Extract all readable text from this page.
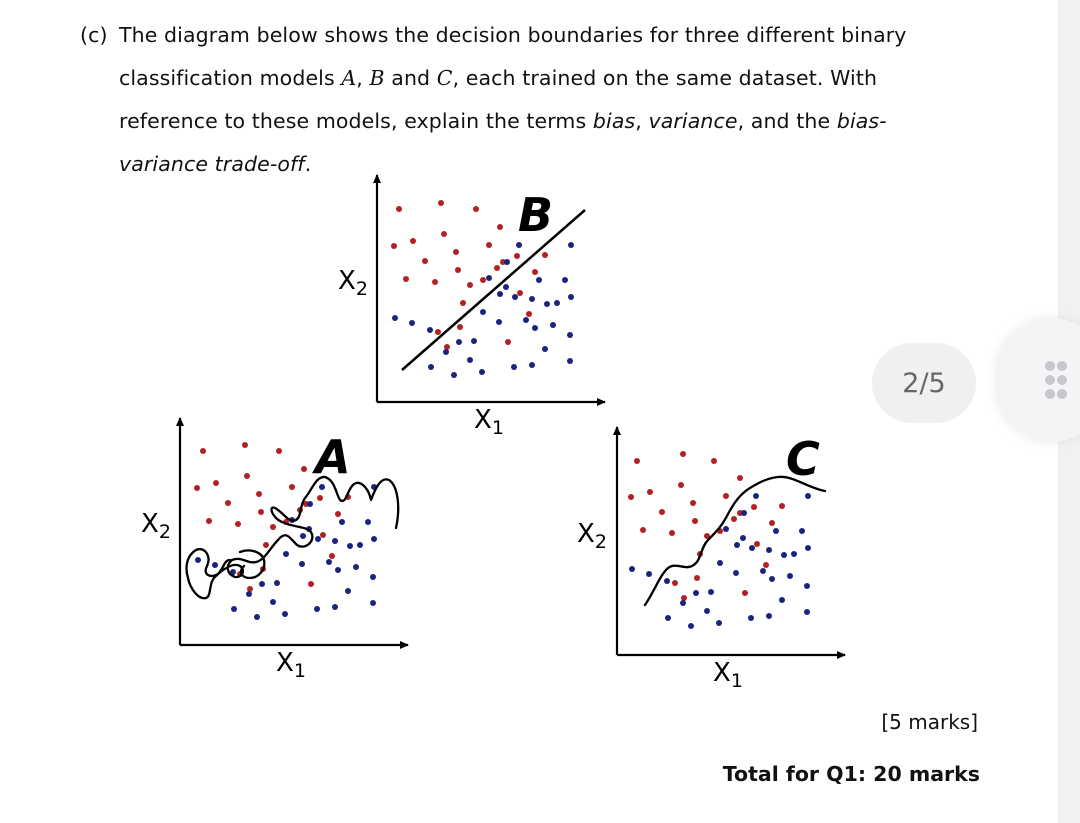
(c) The diagram below shows the decision boundaries for three different binary
classification models A, B and C, each trained on the same dataset. With
reference to these models, explain the terms bias, variance, and the bias-
variance trade-off.
B
$X_2$
$X_1$
A
$X_2$
$X_1$
C
$X_2$
$X_1$
2/5
[5 marks]
Total for Q1: 20 marks
